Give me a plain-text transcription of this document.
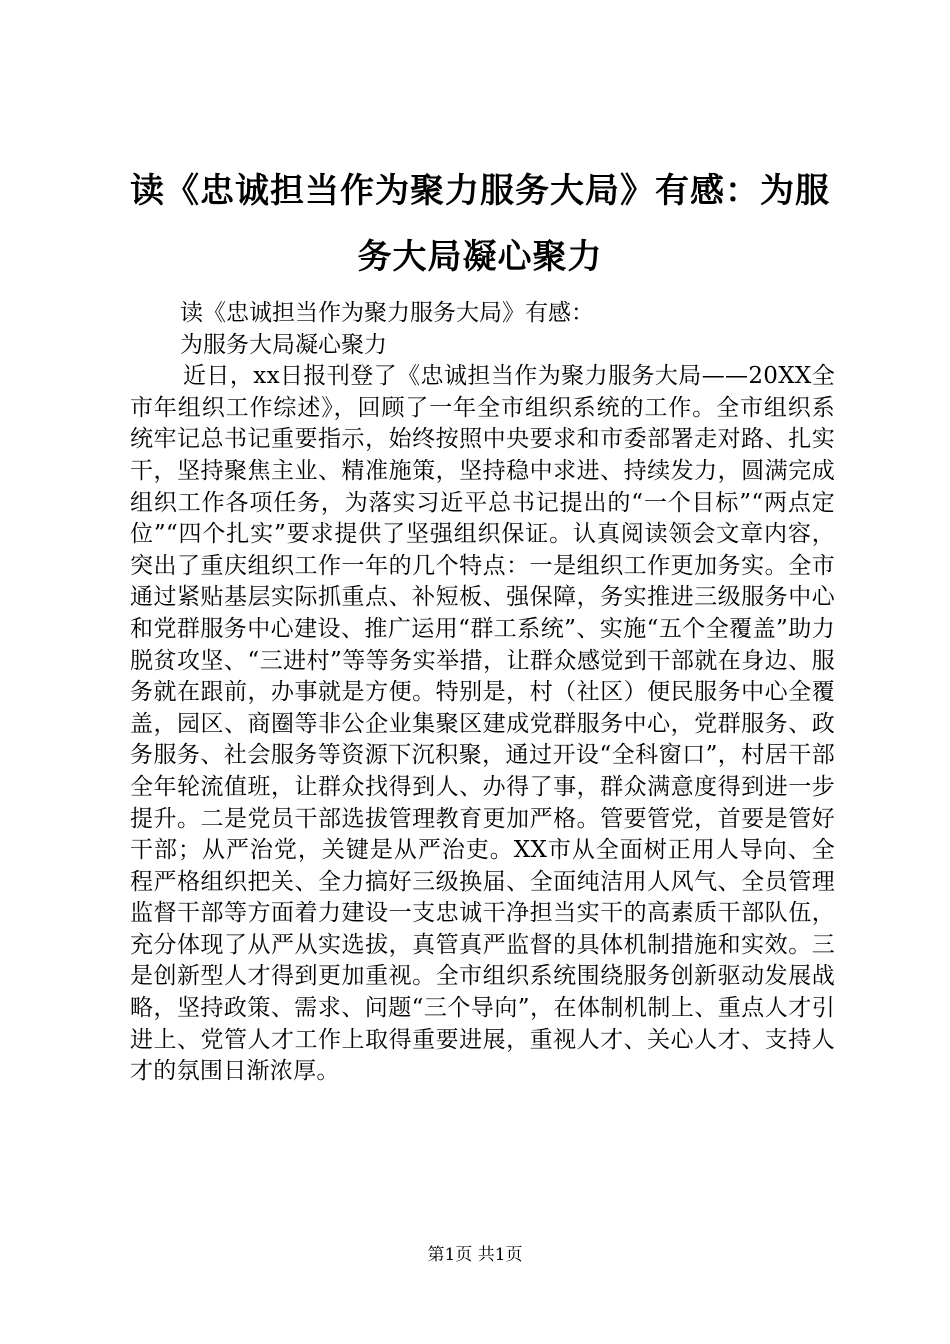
读《忠诚担当作为聚力服务大局》有感：为服
务大局凝心聚力
读《忠诚担当作为聚力服务大局》有感：
为服务大局凝心聚力

近日，xx日报刊登了《忠诚担当作为聚力服务大局——20XX全市年组织工作综述》，回顾了一年全市组织系统的工作。全市组织系统牢记总书记重要指示，始终按照中央要求和市委部署走对路、扎实干，坚持聚焦主业、精准施策，坚持稳中求进、持续发力，圆满完成组织工作各项任务，为落实习近平总书记提出的“一个目标”“两点定位”“四个扎实”要求提供了坚强组织保证。认真阅读领会文章内容，突出了重庆组织工作一年的几个特点：一是组织工作更加务实。全市通过紧贴基层实际抓重点、补短板、强保障，务实推进三级服务中心和党群服务中心建设、推广运用“群工系统”、实施“五个全覆盖”助力脱贫攻坚、“三进村”等等务实举措，让群众感觉到干部就在身边、服务就在跟前，办事就是方便。特别是，村（社区）便民服务中心全覆盖，园区、商圈等非公企业集聚区建成党群服务中心，党群服务、政务服务、社会服务等资源下沉积聚，通过开设“全科窗口”，村居干部全年轮流值班，让群众找得到人、办得了事，群众满意度得到进一步提升。二是党员干部选拔管理教育更加严格。管要管党，首要是管好干部；从严治党，关键是从严治吏。XX市从全面树正用人导向、全程严格组织把关、全力搞好三级换届、全面纯洁用人风气、全员管理监督干部等方面着力建设一支忠诚干净担当实干的高素质干部队伍，充分体现了从严从实选拔，真管真严监督的具体机制措施和实效。三是创新型人才得到更加重视。全市组织系统围绕服务创新驱动发展战略，坚持政策、需求、问题“三个导向”，在体制机制上、重点人才引进上、党管人才工作上取得重要进展，重视人才、关心人才、支持人才的氛围日渐浓厚。

第1页 共1页
